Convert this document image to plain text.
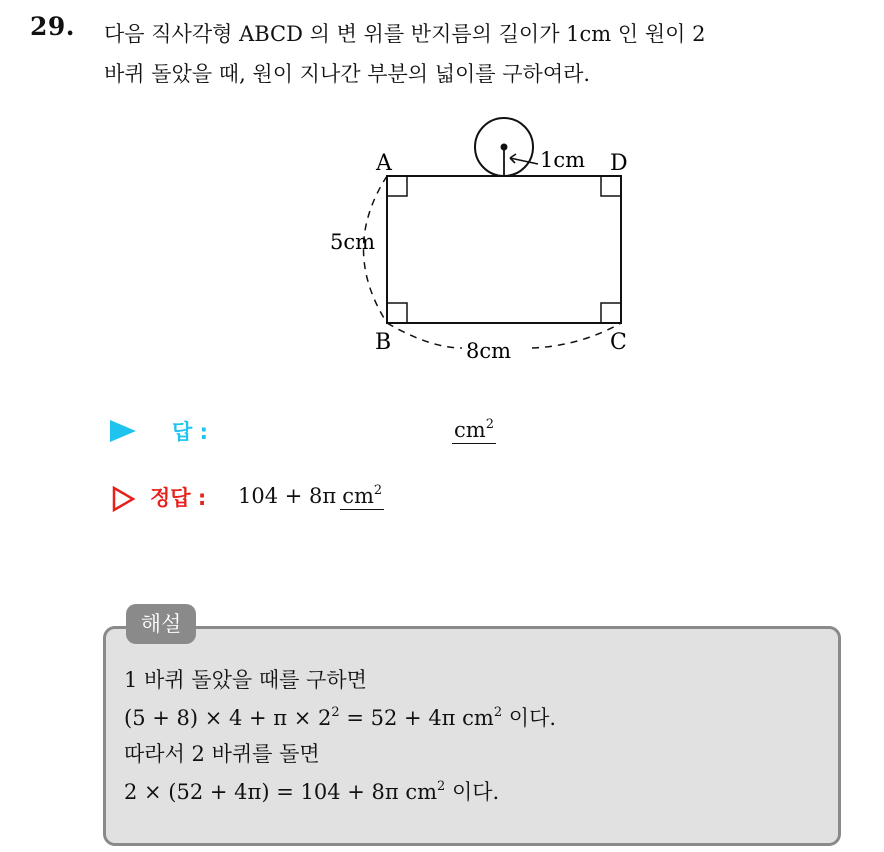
29. 다음 직사각형 ABCD 의 변 위를 반지름의 길이가 1cm 인 원이 2
바퀴 돌았을 때, 원이 지나간 부분의 넓이를 구하여라.
A	D
B	C
1cm
5cm
8cm
답 :	$cm^2$
정답 : 104 + 8π $cm^2$
해설
1 바퀴 돌았을 때를 구하면
$(5 + 8) \times 4 + \pi \times 2^2 = 52 + 4\pi$ $cm^2$ 이다.
따라서 2 바퀴를 돌면
2 × (52 + 4π) = 104 + 8π $cm^2$ 이다.
